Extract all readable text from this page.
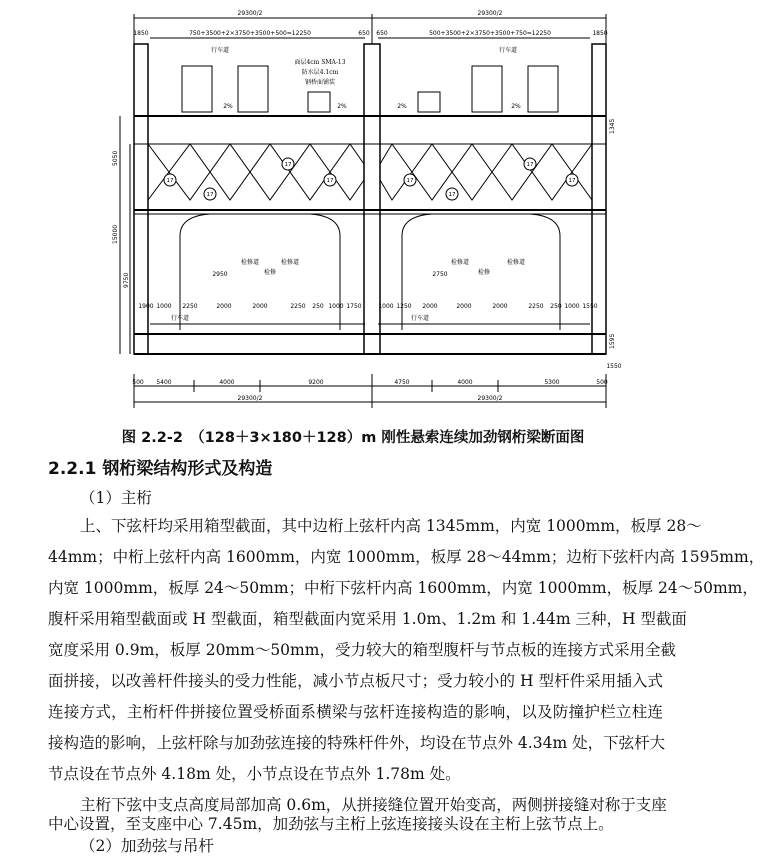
17
17
17
17	17
17
17
17
29300/2	29300/2
750+3500+2×3750+3500+500=12250	500+3500+2×3750+3500+750=12250
1850	650 650	1850
行车道	行车道
面层4cm SMA-13
防水层4.1cm
钢桥面铺装
2%	2%	2%	2%
2950	2750
检修道
检修
检修道	检修道
检修
检修道
行车道	行车道
1900 1000 2250	2000	2000	2250 250 1000 1750	1000 1250 2000	2000	2000	2250 250 1000 1550
500 5400	4000	9200	4750	4000	5300	500
29300/2	29300/2
1550
5050
15000
9750
1345
1595
图 2.2-2　（128＋3×180＋128）m 刚性悬索连续加劲钢桁梁断面图
2.2.1 钢桁梁结构形式及构造
（1）主桁
上、下弦杆均采用箱型截面，其中边桁上弦杆内高 1345mm，内宽 1000mm，板厚 28～
44mm；中桁上弦杆内高 1600mm，内宽 1000mm，板厚 28～44mm；边桁下弦杆内高 1595mm，
内宽 1000mm，板厚 24～50mm；中桁下弦杆内高 1600mm，内宽 1000mm，板厚 24～50mm，
腹杆采用箱型截面或 H 型截面，箱型截面内宽采用 1.0m、1.2m 和 1.44m 三种，H 型截面
宽度采用 0.9m，板厚 20mm～50mm，受力较大的箱型腹杆与节点板的连接方式采用全截
面拼接，以改善杆件接头的受力性能，减小节点板尺寸；受力较小的 H 型杆件采用插入式
连接方式，主桁杆件拼接位置受桥面系横梁与弦杆连接构造的影响，以及防撞护栏立柱连
接构造的影响，上弦杆除与加劲弦连接的特殊杆件外，均设在节点外 4.34m 处，下弦杆大
节点设在节点外 4.18m 处，小节点设在节点外 1.78m 处。
主桁下弦中支点高度局部加高 0.6m，从拼接缝位置开始变高，两侧拼接缝对称于支座
中心设置，至支座中心 7.45m，加劲弦与主桁上弦连接接头设在主桁上弦节点上。
（2）加劲弦与吊杆
